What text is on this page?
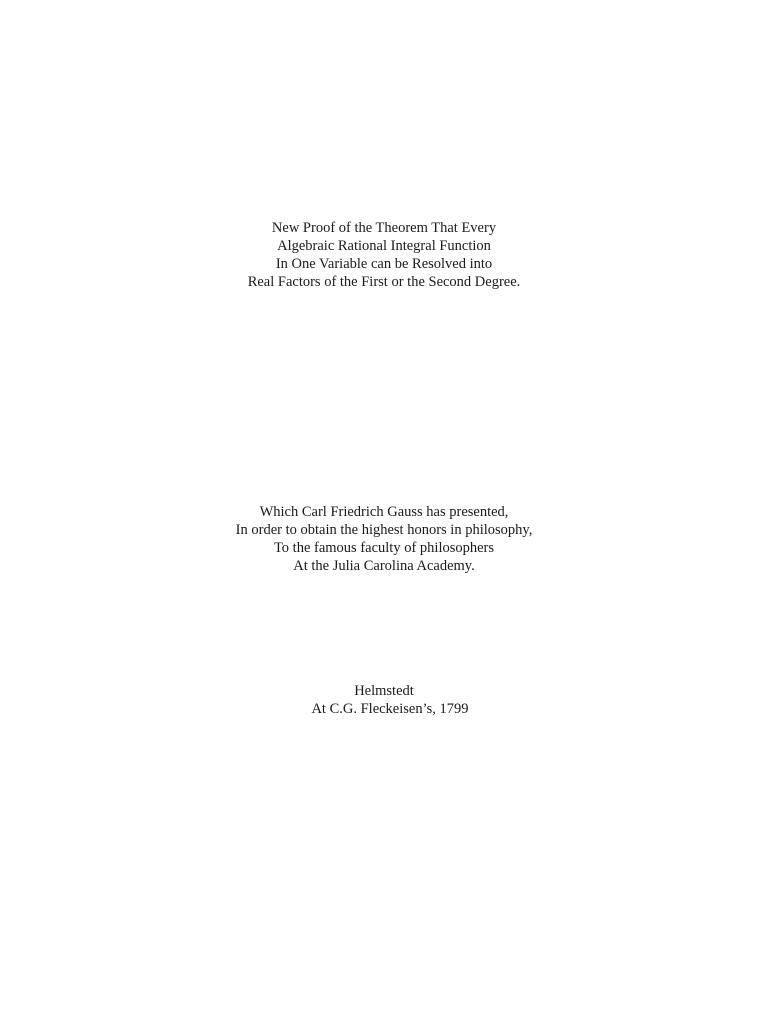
New Proof of the Theorem That Every
Algebraic Rational Integral Function
In One Variable can be Resolved into
Real Factors of the First or the Second Degree.
Which Carl Friedrich Gauss has presented,
In order to obtain the highest honors in philosophy,
To the famous faculty of philosophers
At the Julia Carolina Academy.
Helmstedt
At C.G. Fleckeisen’s, 1799
